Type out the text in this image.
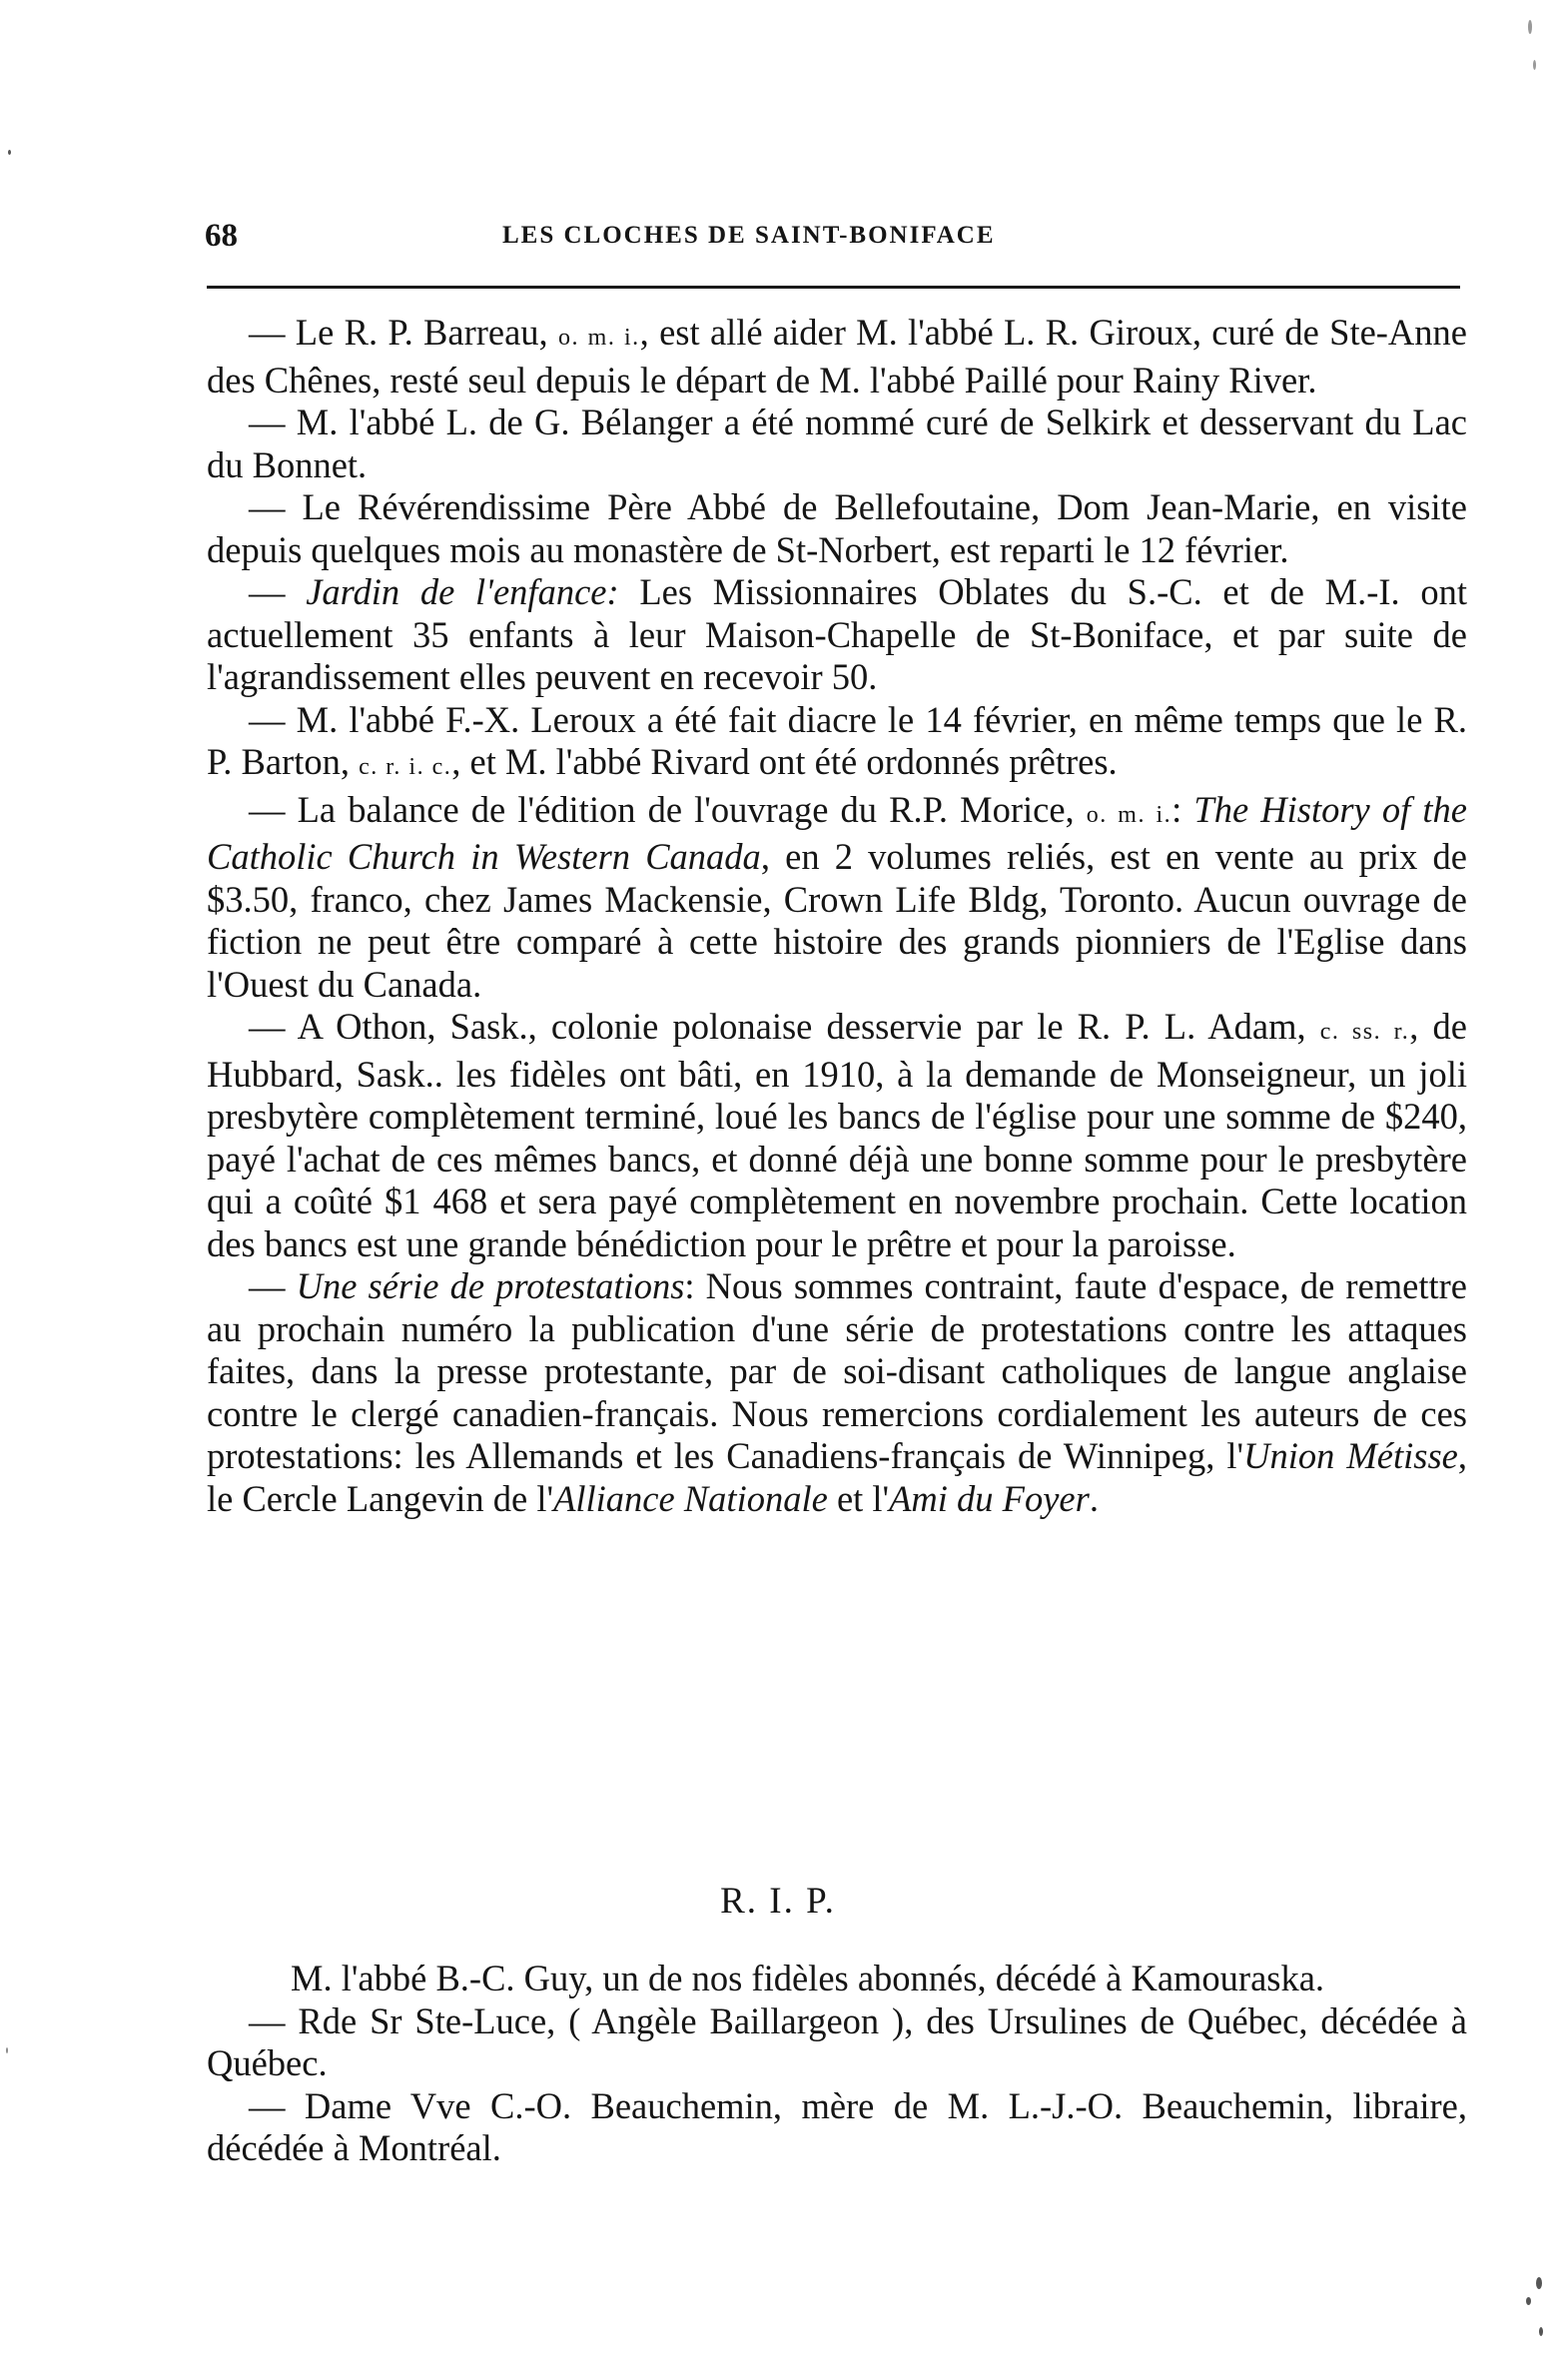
68	LES CLOCHES DE SAINT-BONIFACE

— Le R. P. Barreau, o. m. i., est allé aider M. l'abbé L. R. Giroux, curé de Ste-Anne des Chênes, resté seul depuis le départ de M. l'abbé Paillé pour Rainy River.

— M. l'abbé L. de G. Bélanger a été nommé curé de Selkirk et desservant du Lac du Bonnet.

— Le Révérendissime Père Abbé de Bellefoutaine, Dom Jean-Marie, en visite depuis quelques mois au monastère de St-Norbert, est reparti le 12 février.

— Jardin de l'enfance: Les Missionnaires Oblates du S.-C. et de M.-I. ont actuellement 35 enfants à leur Maison-Chapelle de St-Boniface, et par suite de l'agrandissement elles peuvent en recevoir 50.

— M. l'abbé F.-X. Leroux a été fait diacre le 14 février, en même temps que le R. P. Barton, c. r. i. c., et M. l'abbé Rivard ont été ordonnés prêtres.

— La balance de l'édition de l'ouvrage du R.P. Morice, o. m. i.: The History of the Catholic Church in Western Canada, en 2 volumes reliés, est en vente au prix de $3.50, franco, chez James Mackensie, Crown Life Bldg, Toronto. Aucun ouvrage de fiction ne peut être comparé à cette histoire des grands pionniers de l'Eglise dans l'Ouest du Canada.

— A Othon, Sask., colonie polonaise desservie par le R. P. L. Adam, c. ss. r., de Hubbard, Sask.. les fidèles ont bâti, en 1910, à la demande de Monseigneur, un joli presbytère complètement terminé, loué les bancs de l'église pour une somme de $240, payé l'achat de ces mêmes bancs, et donné déjà une bonne somme pour le presbytère qui a coûté $1 468 et sera payé complètement en novembre prochain. Cette location des bancs est une grande bénédiction pour le prêtre et pour la paroisse.

— Une série de protestations: Nous sommes contraint, faute d'espace, de remettre au prochain numéro la publication d'une série de protestations contre les attaques faites, dans la presse protestante, par de soi-disant catholiques de langue anglaise contre le clergé canadien-français. Nous remercions cordialement les auteurs de ces protestations: les Allemands et les Canadiens-français de Winnipeg, l'Union Métisse, le Cercle Langevin de l'Alliance Nationale et l'Ami du Foyer.

R. I. P.

M. l'abbé B.-C. Guy, un de nos fidèles abonnés, décédé à Kamouraska.

— Rde Sr Ste-Luce, ( Angèle Baillargeon ), des Ursulines de Québec, décédée à Québec.

— Dame Vve C.-O. Beauchemin, mère de M. L.-J.-O. Beauchemin, libraire, décédée à Montréal.
